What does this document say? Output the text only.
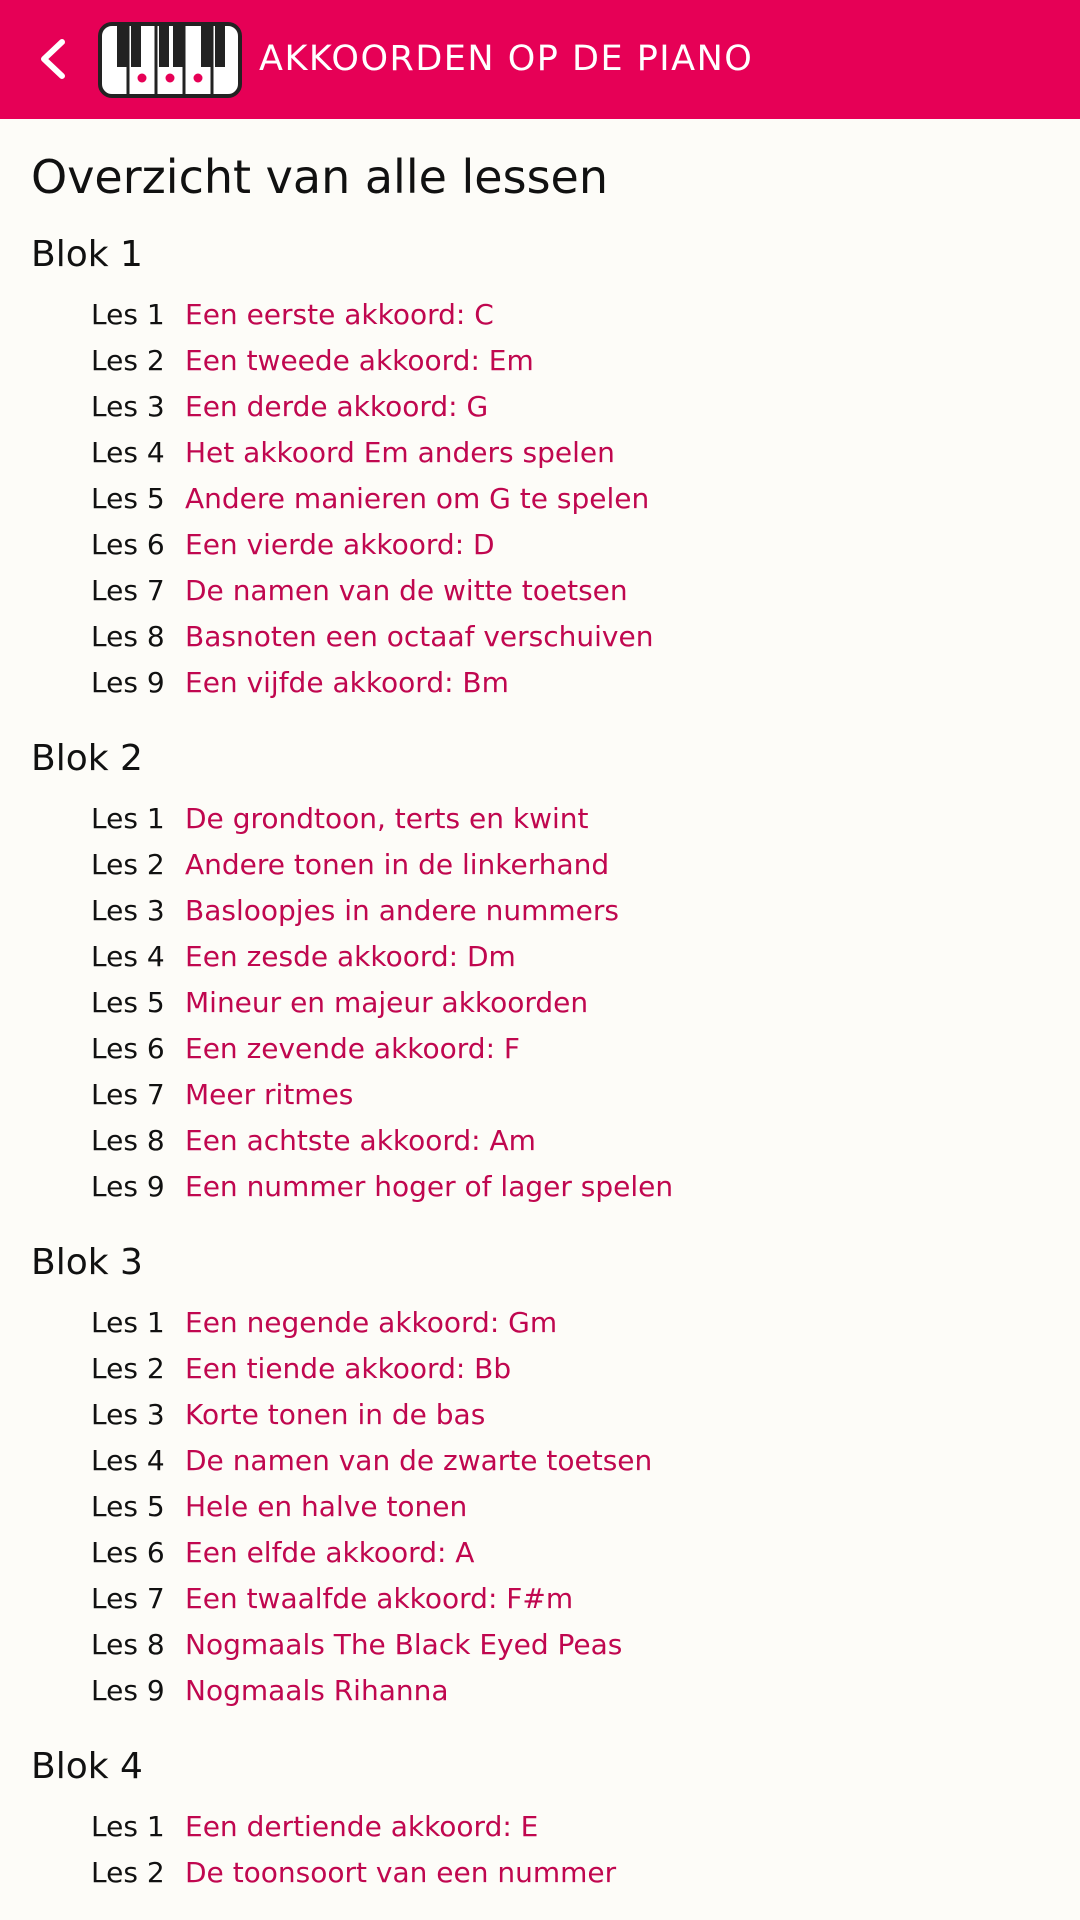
AKKOORDEN OP DE PIANO
Overzicht van alle lessen
Blok 1
Les 1 Een eerste akkoord: C
Les 2 Een tweede akkoord: Em
Les 3 Een derde akkoord: G
Les 4 Het akkoord Em anders spelen
Les 5 Andere manieren om G te spelen
Les 6 Een vierde akkoord: D
Les 7 De namen van de witte toetsen
Les 8 Basnoten een octaaf verschuiven
Les 9 Een vijfde akkoord: Bm
Blok 2
Les 1 De grondtoon, terts en kwint
Les 2 Andere tonen in de linkerhand
Les 3 Basloopjes in andere nummers
Les 4 Een zesde akkoord: Dm
Les 5 Mineur en majeur akkoorden
Les 6 Een zevende akkoord: F
Les 7 Meer ritmes
Les 8 Een achtste akkoord: Am
Les 9 Een nummer hoger of lager spelen
Blok 3
Les 1 Een negende akkoord: Gm
Les 2 Een tiende akkoord: Bb
Les 3 Korte tonen in de bas
Les 4 De namen van de zwarte toetsen
Les 5 Hele en halve tonen
Les 6 Een elfde akkoord: A
Les 7 Een twaalfde akkoord: F#m
Les 8 Nogmaals The Black Eyed Peas
Les 9 Nogmaals Rihanna
Blok 4
Les 1 Een dertiende akkoord: E
Les 2 De toonsoort van een nummer
